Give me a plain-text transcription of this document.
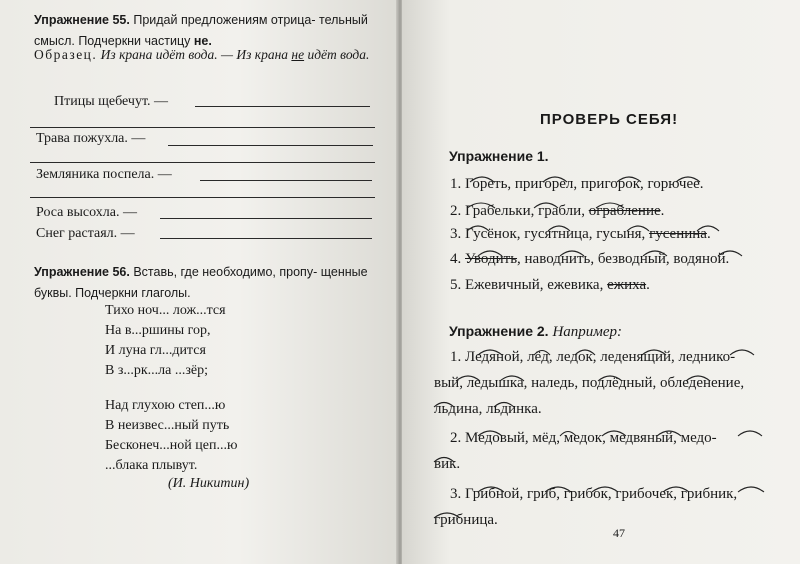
Упражнение 55. Придай предложениям отрица- тельный смысл. Подчеркни частицу не.
Образец. Из крана идёт вода. — Из крана не идёт вода.
Птицы щебечут. —
Трава пожухла. —
Земляника поспела. —
Роса высохла. —
Снег растаял. —
Упражнение 56. Вставь, где необходимо, пропу- щенные буквы. Подчеркни глаголы.
Тихо ноч... лож...тся
На в...ршины гор,
И луна гл...дится
В з...рк...ла ...зёр;
Над глухою степ...ю
В неизвес...ный путь
Бесконеч...ной цеп...ю
...блака плывут.
(И. Никитин)
ПРОВЕРЬ СЕБЯ!
Упражнение 1.
1. Гореть, пригорел, пригорок, горючее.
2. Грабельки, грабли, ограбление.
3. Гусёнок, гусятница, гусыня, гусенина.
4. Уводить, наводнить, безводный, водяной.
5. Ежевичный, ежевика, ежиха.
Упражнение 2. Например:
1. Ледяной, лёд, ледок, леденящий, леднико-
вый, ледышка, наледь, подлёдный, обледенение,
льдина, льдинка.
2. Медовый, мёд, медок, медвяный, медо-
вик.
3. Грибной, гриб, грибок, грибочек, грибник,
грибница.
47
